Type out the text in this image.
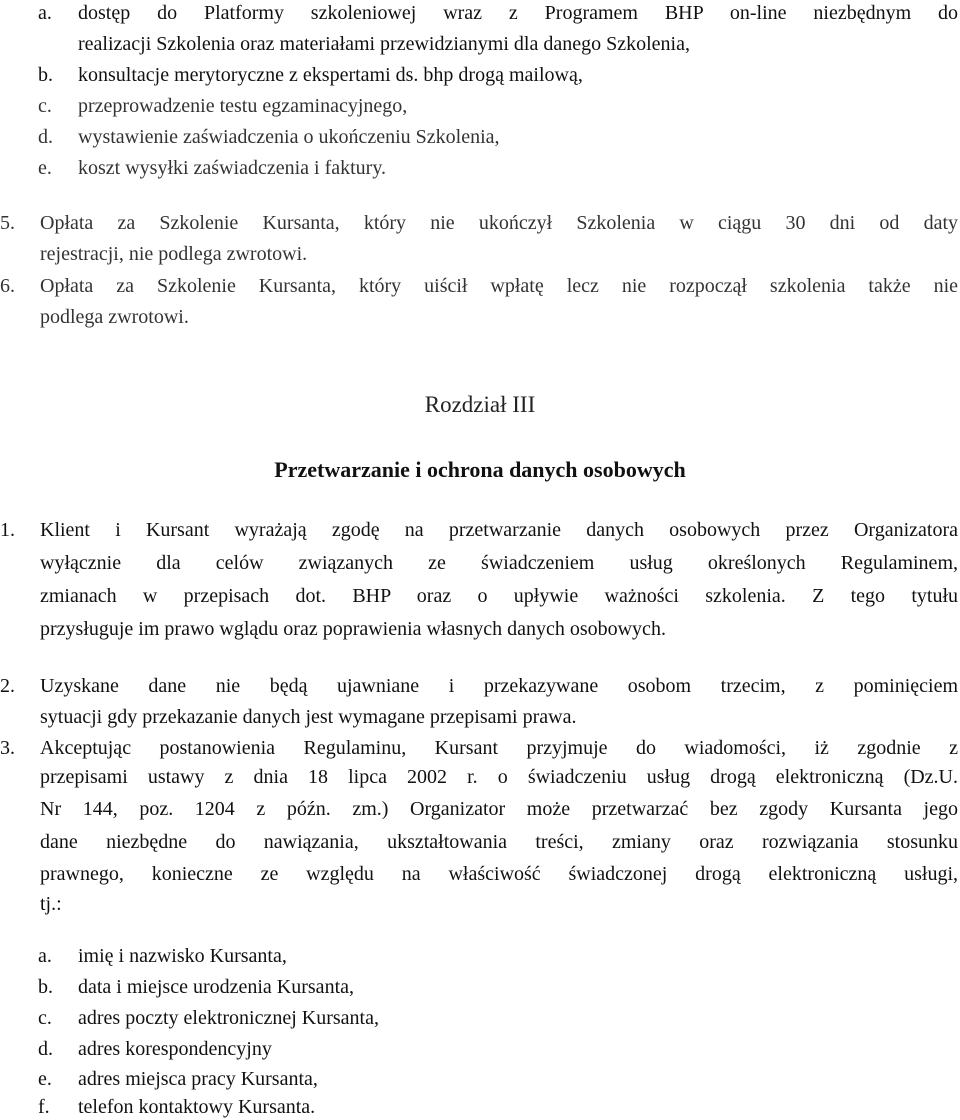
a. dostęp do Platformy szkoleniowej wraz z Programem BHP on-line niezbędnym do
realizacji Szkolenia oraz materiałami przewidzianymi dla danego Szkolenia,
b. konsultacje merytoryczne z ekspertami ds. bhp drogą mailową,
c. przeprowadzenie testu egzaminacyjnego,
d. wystawienie zaświadczenia o ukończeniu Szkolenia,
e. koszt wysyłki zaświadczenia i faktury.
5. Opłata za Szkolenie Kursanta, który nie ukończył Szkolenia w ciągu 30 dni od daty
rejestracji, nie podlega zwrotowi.
6. Opłata za Szkolenie Kursanta, który uiścił wpłatę lecz nie rozpoczął szkolenia także nie
podlega zwrotowi.
Rozdział III
Przetwarzanie i ochrona danych osobowych
1. Klient i Kursant wyrażają zgodę na przetwarzanie danych osobowych przez Organizatora
wyłącznie dla celów związanych ze świadczeniem usług określonych Regulaminem,
zmianach w przepisach dot. BHP oraz o upływie ważności szkolenia. Z tego tytułu
przysługuje im prawo wglądu oraz poprawienia własnych danych osobowych.
2. Uzyskane dane nie będą ujawniane i przekazywane osobom trzecim, z pominięciem
sytuacji gdy przekazanie danych jest wymagane przepisami prawa.
3. Akceptując postanowienia Regulaminu, Kursant przyjmuje do wiadomości, iż zgodnie z
przepisami ustawy z dnia 18 lipca 2002 r. o świadczeniu usług drogą elektroniczną (Dz.U.
Nr 144, poz. 1204 z późn. zm.) Organizator może przetwarzać bez zgody Kursanta jego
dane niezbędne do nawiązania, ukształtowania treści, zmiany oraz rozwiązania stosunku
prawnego, konieczne ze względu na właściwość świadczonej drogą elektroniczną usługi,
tj.:
a. imię i nazwisko Kursanta,
b. data i miejsce urodzenia Kursanta,
c. adres poczty elektronicznej Kursanta,
d. adres korespondencyjny
e. adres miejsca pracy Kursanta,
f. telefon kontaktowy Kursanta.
